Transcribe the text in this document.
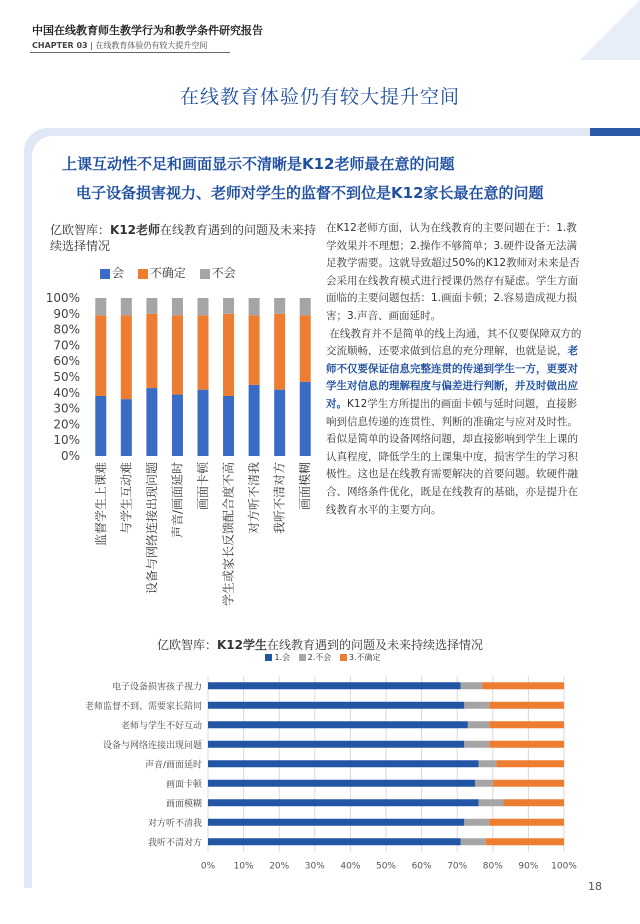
中国在线教育师生教学行为和教学条件研究报告
CHAPTER 03 | 在线教育体验仍有较大提升空间
在线教育体验仍有较大提升空间
上课互动性不足和画面显示不清晰是K12老师最在意的问题
电子设备损害视力、老师对学生的监督不到位是K12家长最在意的问题
亿欧智库：K12老师在线教育遇到的问题及未来持续选择情况
会 不确定 不会
0%
10%
20%
30%
40%
50%
60%
70%
80%
90%
100%
监督学生上课难 与学生互动难 设备与网络连接出现问题 声音/画面延时 画面卡顿 学生或家长反馈配合度不高 对方听不清我 我听不清对方 画面模糊

在K12老师方面，认为在线教育的主要问题在于：1.教学效果并不理想；2.操作不够简单；3.硬件设备无法满足教学需要。这就导致超过50%的K12教师对未来是否会采用在线教育模式进行授课仍然存有疑虑。学生方面面临的主要问题包括：1.画面卡顿；2.容易造成视力损害；3.声音、画面延时。

在线教育并不是简单的线上沟通，其不仅要保障双方的交流顺畅，还要求做到信息的充分理解，也就是说，老师不仅要保证信息完整连贯的传递到学生一方，更要对学生对信息的理解程度与偏差进行判断，并及时做出应对。K12学生方所提出的画面卡顿与延时问题，直接影响到信息传递的连贯性、判断的准确定与应对及时性。看似是简单的设备网络问题，却直接影响到学生上课的认真程度，降低学生的上课集中度，损害学生的学习积极性。这也是在线教育需要解决的首要问题。软硬件融合、网络条件优化，既是在线教育的基础，亦是提升在线教育水平的主要方向。

亿欧智库：K12学生在线教育遇到的问题及未来持续选择情况
1.会 2.不会 3.不确定
电子设备损害孩子视力
老师监督不到、需要家长陪同
老师与学生不好互动
设备与网络连接出现问题
声音/画面延时
画面卡顿
画面模糊
对方听不清我
我听不清对方
0% 10% 20% 30% 40% 50% 60% 70% 80% 90% 100%
18
